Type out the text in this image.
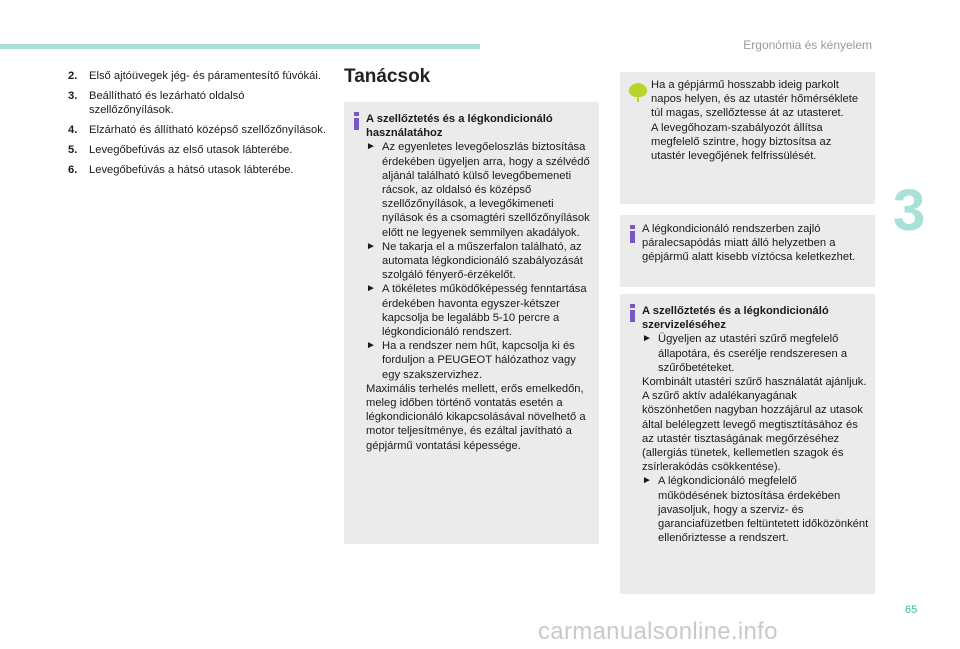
Ergonómia és kényelem
3
2.	Első ajtóüvegek jég- és páramentesítő fúvókái.
3.	Beállítható és lezárható oldalsó szellőzőnyílások.
4.	Elzárható és állítható középső szellőzőnyílások.
5.	Levegőbefúvás az első utasok lábterébe.
6.	Levegőbefúvás a hátsó utasok lábterébe.
Tanácsok
A szellőztetés és a légkondicionáló használatához
► Az egyenletes levegőeloszlás biztosítása érdekében ügyeljen arra, hogy a szélvédő aljánál található külső levegőbemeneti rácsok, az oldalsó és középső szellőzőnyílások, a levegőkimeneti nyílások és a csomagtéri szellőzőnyílások előtt ne legyenek semmilyen akadályok.
► Ne takarja el a műszerfalon található, az automata légkondicionáló szabályozását szolgáló fényerő-érzékelőt.
► A tökéletes működőképesség fenntartása érdekében havonta egyszer-kétszer kapcsolja be legalább 5-10 percre a légkondicionáló rendszert.
► Ha a rendszer nem hűt, kapcsolja ki és forduljon a PEUGEOT hálózathoz vagy egy szakszervizhez.
Maximális terhelés mellett, erős emelkedőn, meleg időben történő vontatás esetén a légkondicionáló kikapcsolásával növelhető a motor teljesítménye, és ezáltal javítható a gépjármű vontatási képessége.
Ha a gépjármű hosszabb ideig parkolt napos helyen, és az utastér hőmérséklete túl magas, szellőztesse át az utasteret.
A levegőhozam-szabályozót állítsa megfelelő szintre, hogy biztosítsa az utastér levegőjének felfrissülését.
A légkondicionáló rendszerben zajló páralecsapódás miatt álló helyzetben a gépjármű alatt kisebb víztócsa keletkezhet.
A szellőztetés és a légkondicionáló szervizeléséhez
► Ügyeljen az utastéri szűrő megfelelő állapotára, és cserélje rendszeresen a szűrőbetéteket.
Kombinált utastéri szűrő használatát ajánljuk. A szűrő aktív adalékanyagának köszönhetően nagyban hozzájárul az utasok által belélegzett levegő megtisztításához és az utastér tisztaságának megőrzéséhez (allergiás tünetek, kellemetlen szagok és zsírlerakódás csökkentése).
► A légkondicionáló megfelelő működésének biztosítása érdekében javasoljuk, hogy a szerviz- és garanciafüzetben feltüntetett időközönként ellenőriztesse a rendszert.
65
carmanualsonline.info
